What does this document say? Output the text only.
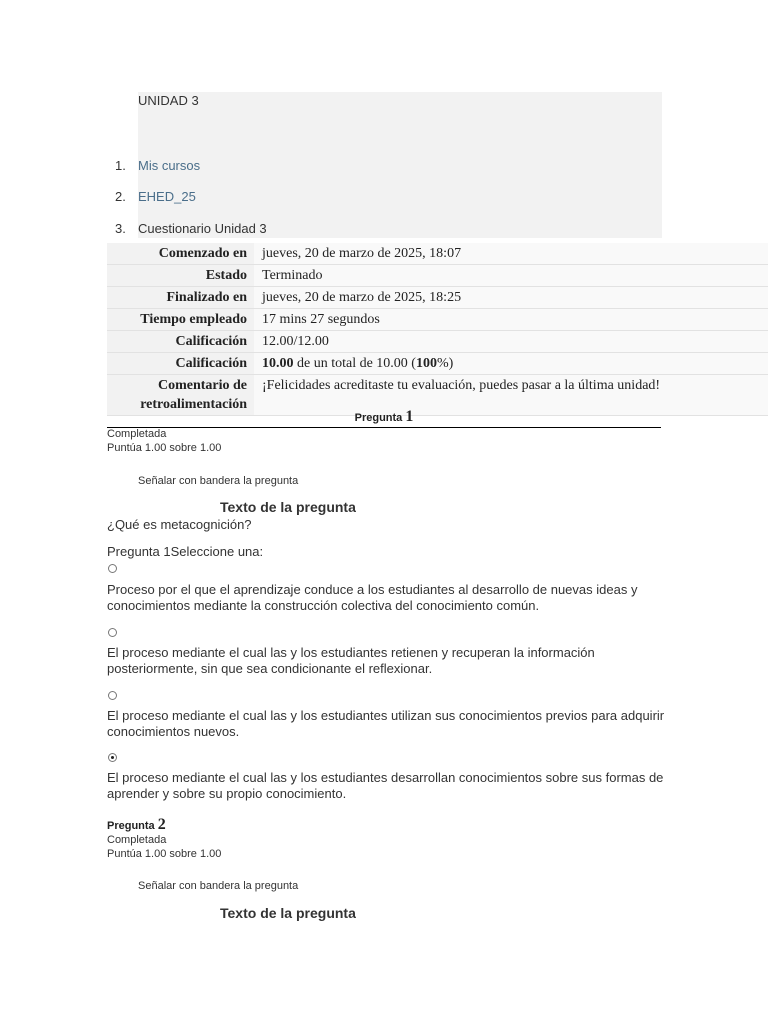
UNIDAD 3
1. Mis cursos
2. EHED_25
3. Cuestionario Unidad 3
Comenzado en	jueves, 20 de marzo de 2025, 18:07
Estado	Terminado
Finalizado en	jueves, 20 de marzo de 2025, 18:25
Tiempo empleado	17 mins 27 segundos
Calificación	12.00/12.00
Calificación	10.00 de un total de 10.00 (100%)
Comentario de retroalimentación	¡Felicidades acreditaste tu evaluación, puedes pasar a la última unidad!
Pregunta 1
Completada
Puntúa 1.00 sobre 1.00
Señalar con bandera la pregunta
Texto de la pregunta
¿Qué es metacognición?
Pregunta 1Seleccione una:
Proceso por el que el aprendizaje conduce a los estudiantes al desarrollo de nuevas ideas y conocimientos mediante la construcción colectiva del conocimiento común.
El proceso mediante el cual las y los estudiantes retienen y recuperan la información posteriormente, sin que sea condicionante el reflexionar.
El proceso mediante el cual las y los estudiantes utilizan sus conocimientos previos para adquirir conocimientos nuevos.
El proceso mediante el cual las y los estudiantes desarrollan conocimientos sobre sus formas de aprender y sobre su propio conocimiento.
Pregunta 2
Completada
Puntúa 1.00 sobre 1.00
Señalar con bandera la pregunta
Texto de la pregunta
